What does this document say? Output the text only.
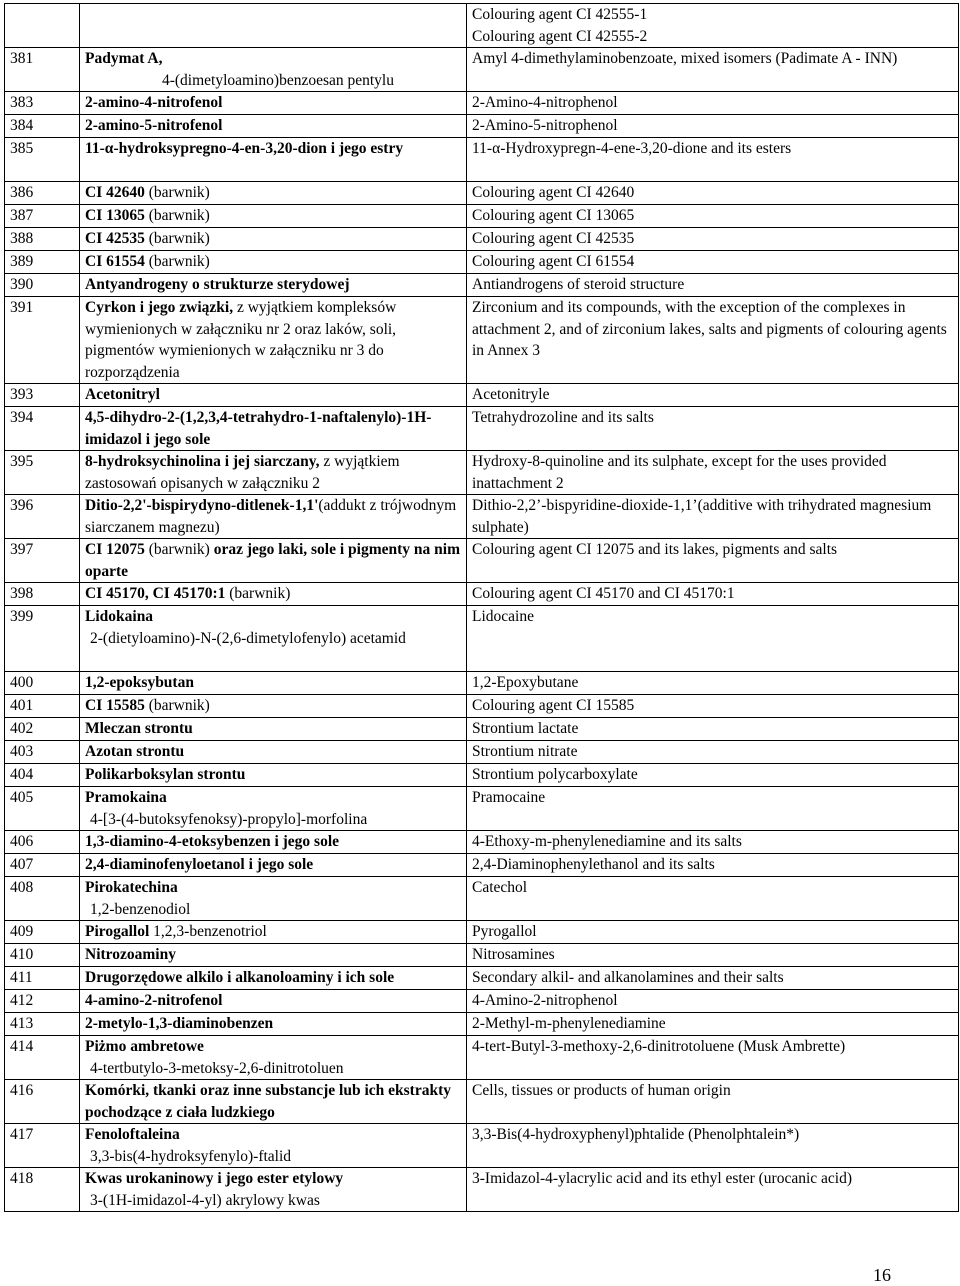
		Colouring agent CI 42555-1
Colouring agent CI 42555-2

381	Padymat A,
4-(dimetyloamino)benzoesan pentylu	Amyl 4-dimethylaminobenzoate, mixed isomers (Padimate A - INN)

383	2-amino-4-nitrofenol	2-Amino-4-nitrophenol

384	2-amino-5-nitrofenol	2-Amino-5-nitrophenol

385	11-α-hydroksypregno-4-en-3,20-dion i jego estry	11-α-Hydroxypregn-4-ene-3,20-dione and its esters

386	CI 42640 (barwnik)	Colouring agent CI 42640

387	CI 13065 (barwnik)	Colouring agent CI 13065

388	CI 42535 (barwnik)	Colouring agent CI 42535

389	CI 61554 (barwnik)	Colouring agent CI 61554

390	Antyandrogeny o strukturze sterydowej	Antiandrogens of steroid structure

391	Cyrkon i jego związki, z wyjątkiem kompleksów wymienionych w załączniku nr 2 oraz laków, soli, pigmentów wymienionych w załączniku nr 3 do rozporządzenia	Zirconium and its compounds, with the exception of the complexes in attachment 2, and of zirconium lakes, salts and pigments of colouring agents in Annex 3

393	Acetonitryl	Acetonitryle

394	4,5-dihydro-2-(1,2,3,4-tetrahydro-1-naftalenylo)-1H-imidazol i jego sole	Tetrahydrozoline and its salts

395	8-hydroksychinolina i jej siarczany, z wyjątkiem zastosowań opisanych w załączniku 2	Hydroxy-8-quinoline and its sulphate, except for the uses provided inattachment 2

396	Ditio-2,2'-bispirydyno-ditlenek-1,1'(addukt z trójwodnym siarczanem magnezu)	Dithio-2,2’-bispyridine-dioxide-1,1’(additive with trihydrated magnesium sulphate)

397	CI 12075 (barwnik) oraz jego laki, sole i pigmenty na nim oparte	Colouring agent CI 12075 and its lakes, pigments and salts

398	CI 45170, CI 45170:1 (barwnik)	Colouring agent CI 45170 and CI 45170:1

399	Lidokaina
2-(dietyloamino)-N-(2,6-dimetylofenylo) acetamid	Lidocaine

400	1,2-epoksybutan	1,2-Epoxybutane

401	CI 15585 (barwnik)	Colouring agent CI 15585

402	Mleczan strontu	Strontium lactate

403	Azotan strontu	Strontium nitrate

404	Polikarboksylan strontu	Strontium polycarboxylate

405	Pramokaina
4-[3-(4-butoksyfenoksy)-propylo]-morfolina	Pramocaine

406	1,3-diamino-4-etoksybenzen i jego sole	4-Ethoxy-m-phenylenediamine and its salts

407	2,4-diaminofenyloetanol i jego sole	2,4-Diaminophenylethanol and its salts

408	Pirokatechina
1,2-benzenodiol	Catechol

409	Pirogallol 1,2,3-benzenotriol	Pyrogallol

410	Nitrozoaminy	Nitrosamines

411	Drugorzędowe alkilo i alkanoloaminy i ich sole	Secondary alkil- and alkanolamines and their salts

412	4-amino-2-nitrofenol	4-Amino-2-nitrophenol

413	2-metylo-1,3-diaminobenzen	2-Methyl-m-phenylenediamine

414	Piżmo ambretowe
4-tertbutylo-3-metoksy-2,6-dinitrotoluen	4-tert-Butyl-3-methoxy-2,6-dinitrotoluene (Musk Ambrette)

416	Komórki, tkanki oraz inne substancje lub ich ekstrakty pochodzące z ciała ludzkiego	Cells, tissues or products of human origin

417	Fenoloftaleina
3,3-bis(4-hydroksyfenylo)-ftalid	3,3-Bis(4-hydroxyphenyl)phtalide (Phenolphtalein*)

418	Kwas urokaninowy i jego ester etylowy
3-(1H-imidazol-4-yl) akrylowy kwas	3-Imidazol-4-ylacrylic acid and its ethyl ester (urocanic acid)
16
